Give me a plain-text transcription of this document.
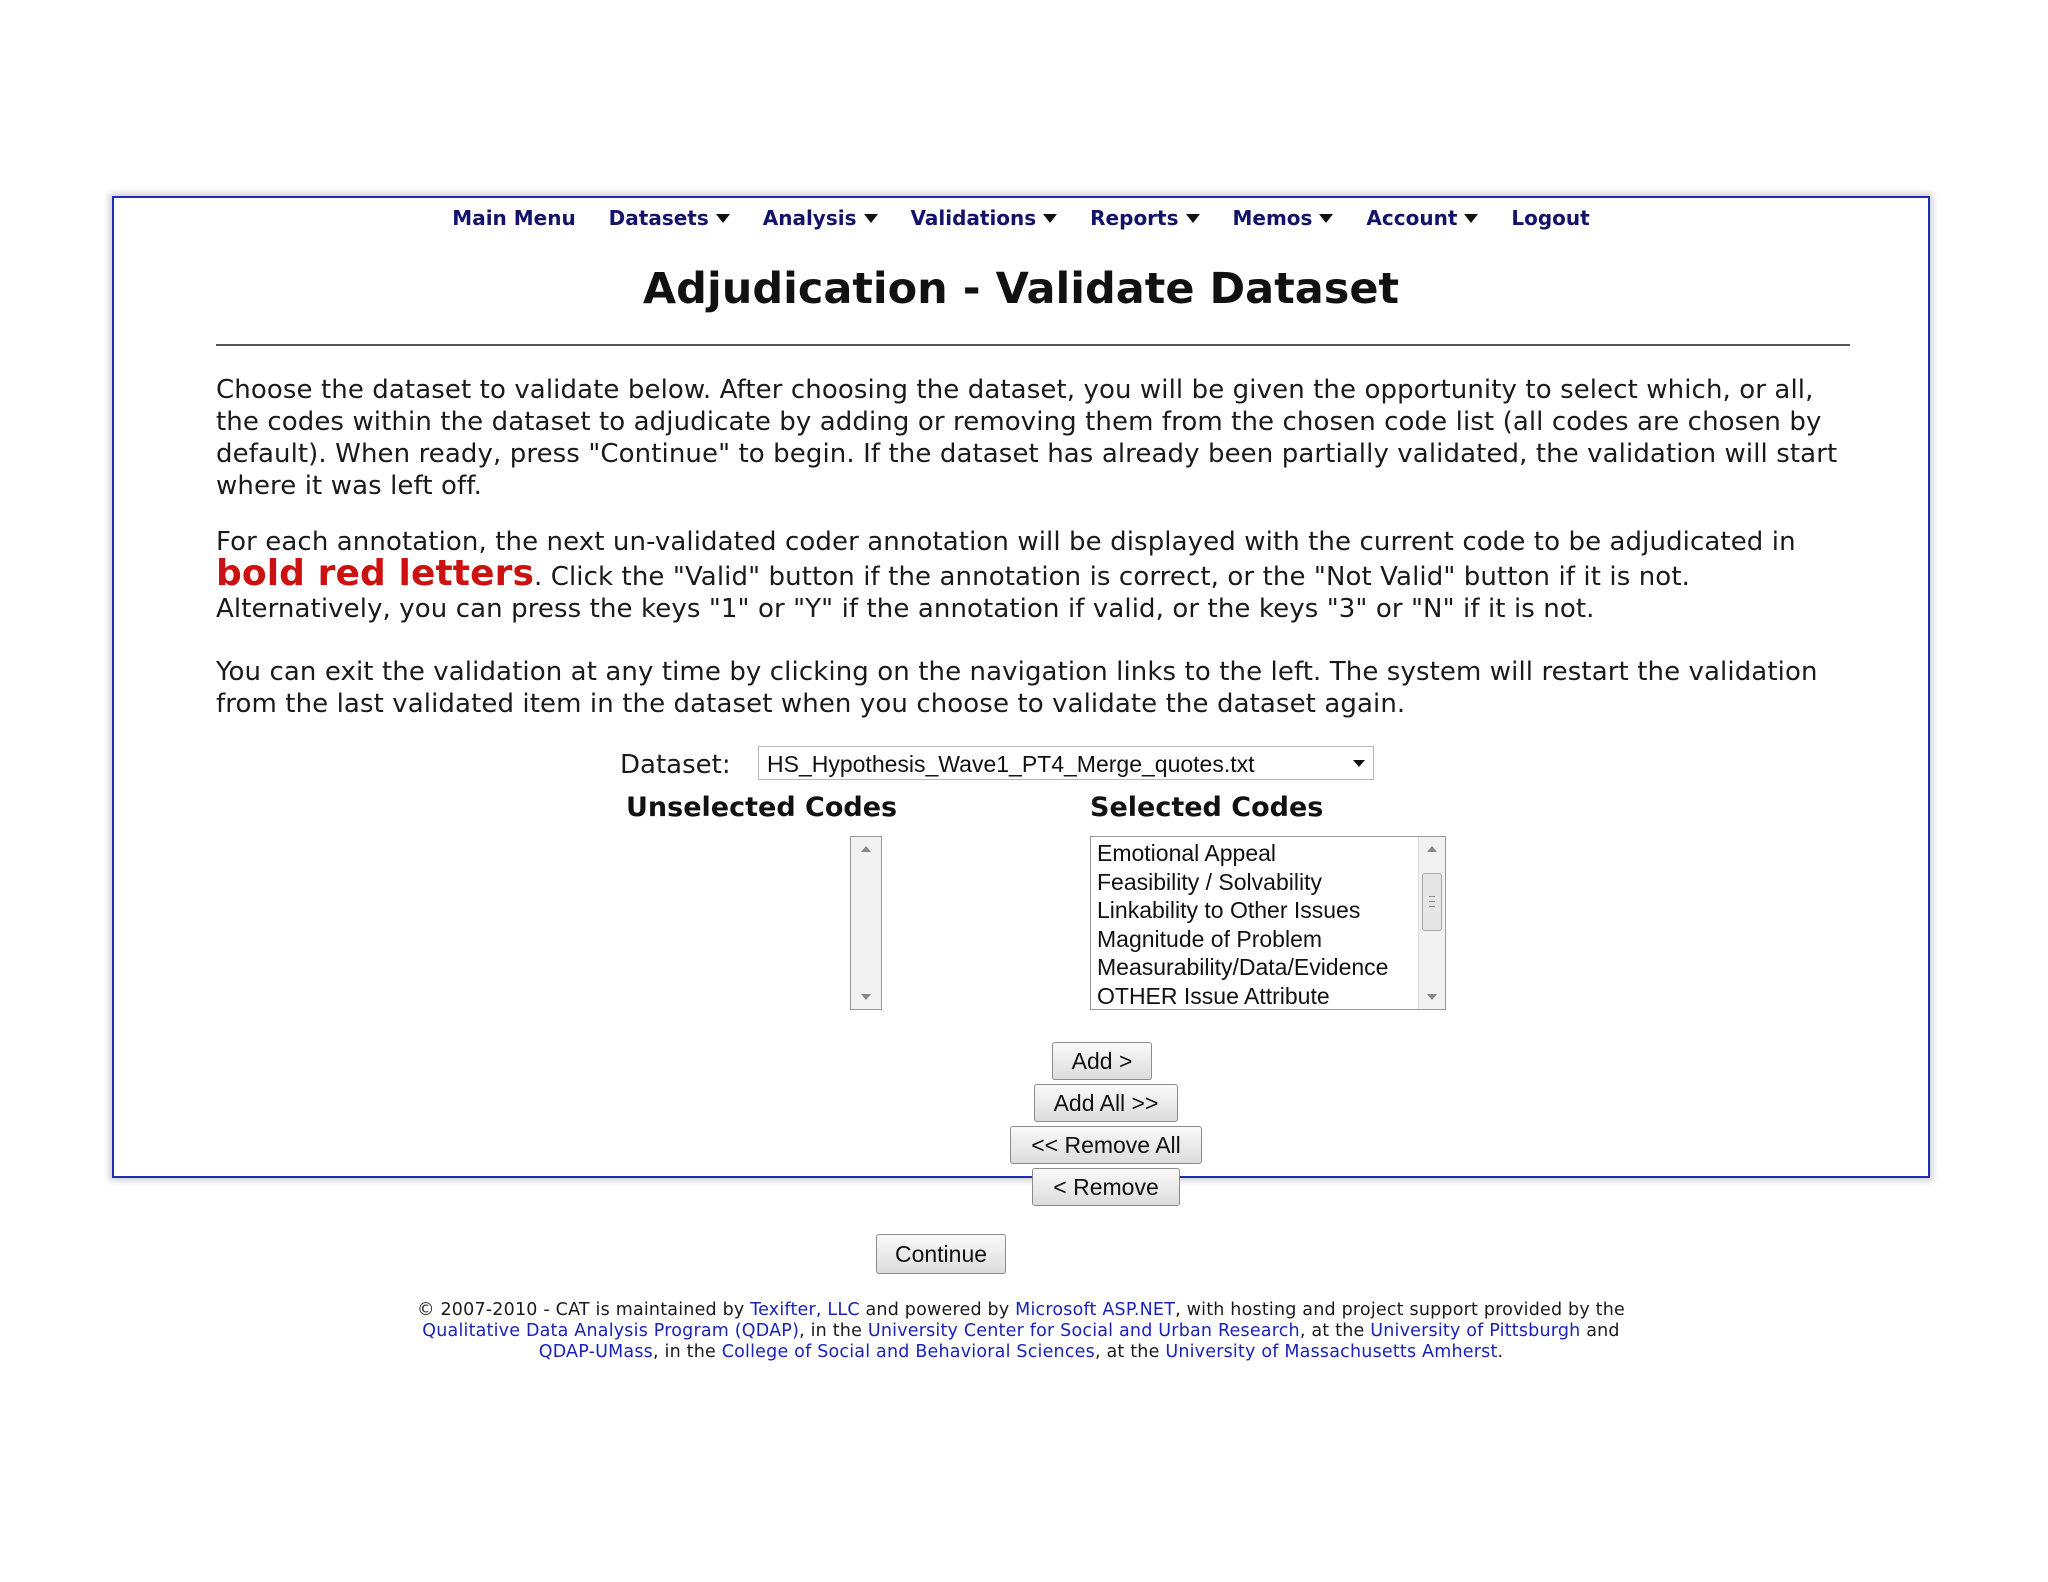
Main Menu Datasets	Analysis	Validations	Reports	Memos	Account	Logout
Adjudication - Validate Dataset

Choose the dataset to validate below. After choosing the dataset, you will be given the opportunity to select which, or all, the codes within the dataset to adjudicate by adding or removing them from the chosen code list (all codes are chosen by default). When ready, press "Continue" to begin. If the dataset has already been partially validated, the validation will start where it was left off.

For each annotation, the next un-validated coder annotation will be displayed with the current code to be adjudicated in
bold red letters. Click the "Valid" button if the annotation is correct, or the "Not Valid" button if it is not. Alternatively, you can press the keys "1" or "Y" if the annotation if valid, or the keys "3" or "N" if it is not.

You can exit the validation at any time by clicking on the navigation links to the left. The system will restart the validation from the last validated item in the dataset when you choose to validate the dataset again.

Dataset:	HS_Hypothesis_Wave1_PT4_Merge_quotes.txt
Unselected Codes	Selected Codes
Emotional Appeal
Feasibility / Solvability
Linkability to Other Issues
Magnitude of Problem
Measurability/Data/Evidence
OTHER Issue Attribute
Add >
Add All >>
<< Remove All
< Remove
Continue
© 2007-2010 - CAT is maintained by Texifter, LLC and powered by Microsoft ASP.NET, with hosting and project support provided by the
Qualitative Data Analysis Program (QDAP), in the University Center for Social and Urban Research, at the University of Pittsburgh and
QDAP-UMass, in the College of Social and Behavioral Sciences, at the University of Massachusetts Amherst.
